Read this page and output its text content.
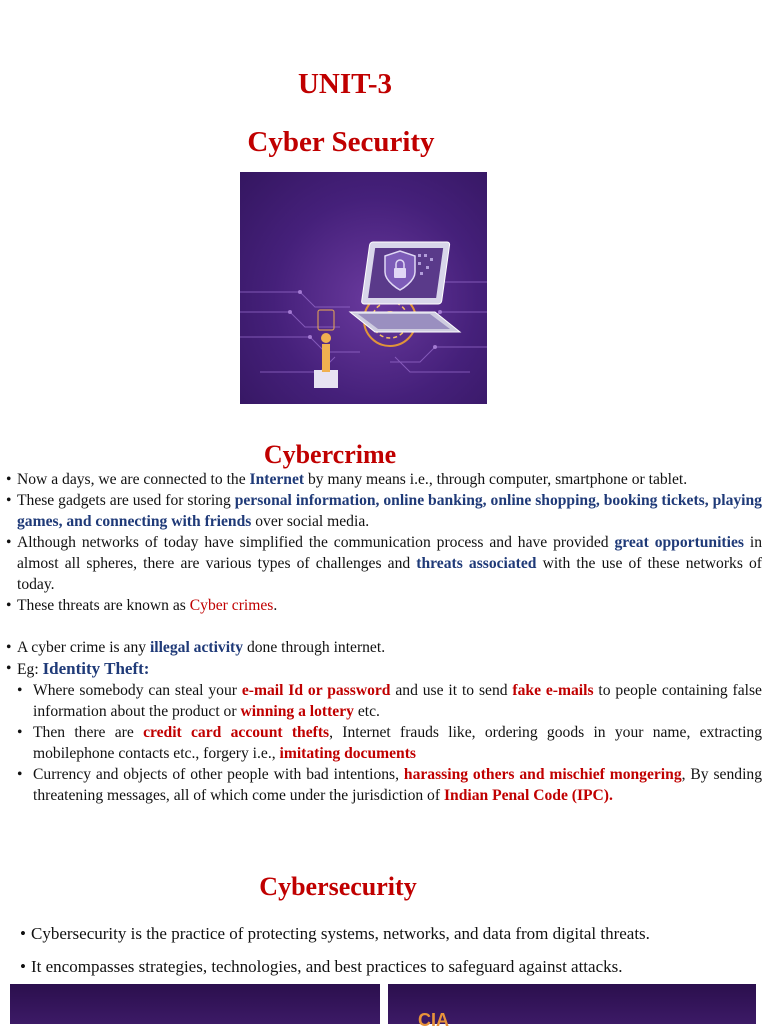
UNIT-3
Cyber Security
Cybercrime
• Now a days, we are connected to the Internet by many means i.e., through computer, smartphone or tablet.
• These gadgets are used for storing personal information, online banking, online shopping, booking tickets, playing games, and connecting with friends over social media.
• Although networks of today have simplified the communication process and have provided great opportunities in almost all spheres, there are various types of challenges and threats associated with the use of these networks of today.
• These threats are known as Cyber crimes.
• A cyber crime is any illegal activity done through internet.
• Eg: Identity Theft:
• Where somebody can steal your e-mail Id or password and use it to send fake e-mails to people containing false information about the product or winning a lottery etc.
• Then there are credit card account thefts, Internet frauds like, ordering goods in your name, extracting mobilephone contacts etc., forgery i.e., imitating documents
• Currency and objects of other people with bad intentions, harassing others and mischief mongering, By sending threatening messages, all of which come under the jurisdiction of Indian Penal Code (IPC).
Cybersecurity
• Cybersecurity is the practice of protecting systems, networks, and data from digital threats.
• It encompasses strategies, technologies, and best practices to safeguard against attacks.
CIA
